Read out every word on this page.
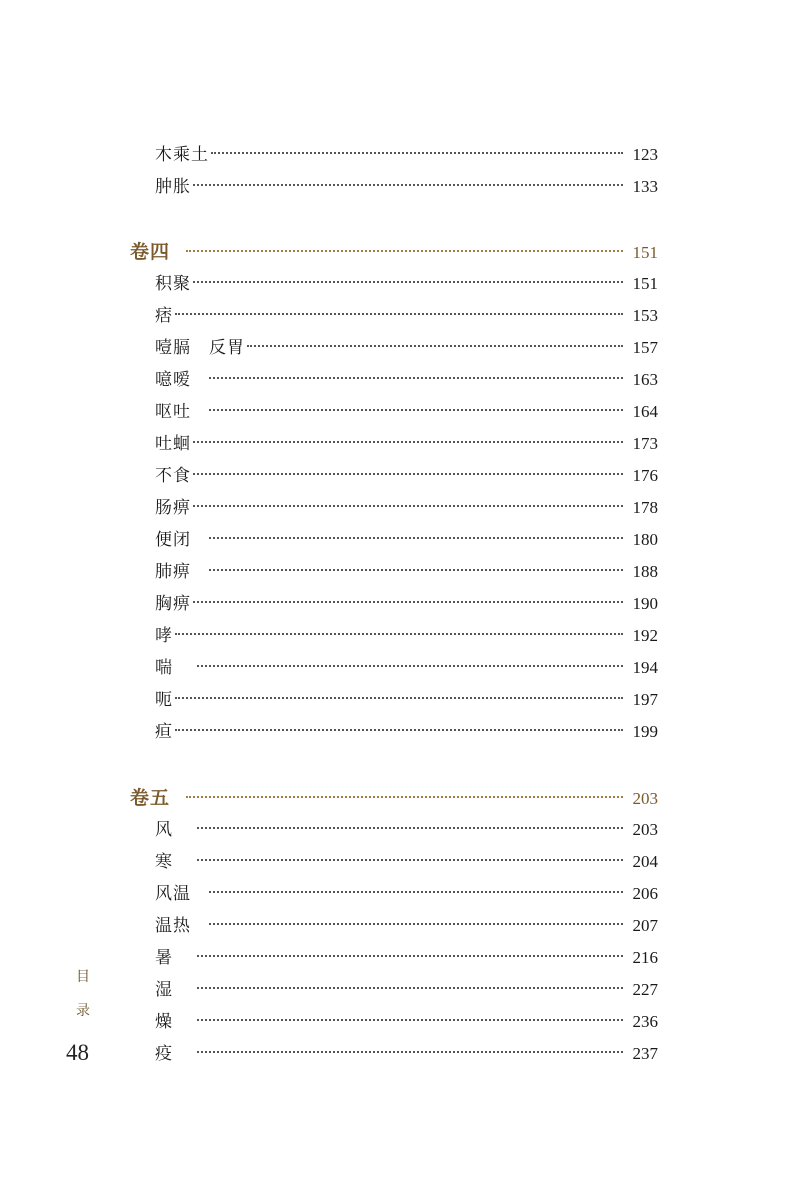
木乘土	123
肿胀	133
卷四	151
积聚	151
痞	153
噎膈 反胃	157
噫嗳	163
呕吐	164
吐蛔	173
不食	176
肠痹	178
便闭	180
肺痹	188
胸痹	190
哮	192
喘	194
呃	197
疸	199
卷五	203
风	203
寒	204
风温	206
温热	207
暑	216
湿	227
燥	236
疫	237
目
录
48
